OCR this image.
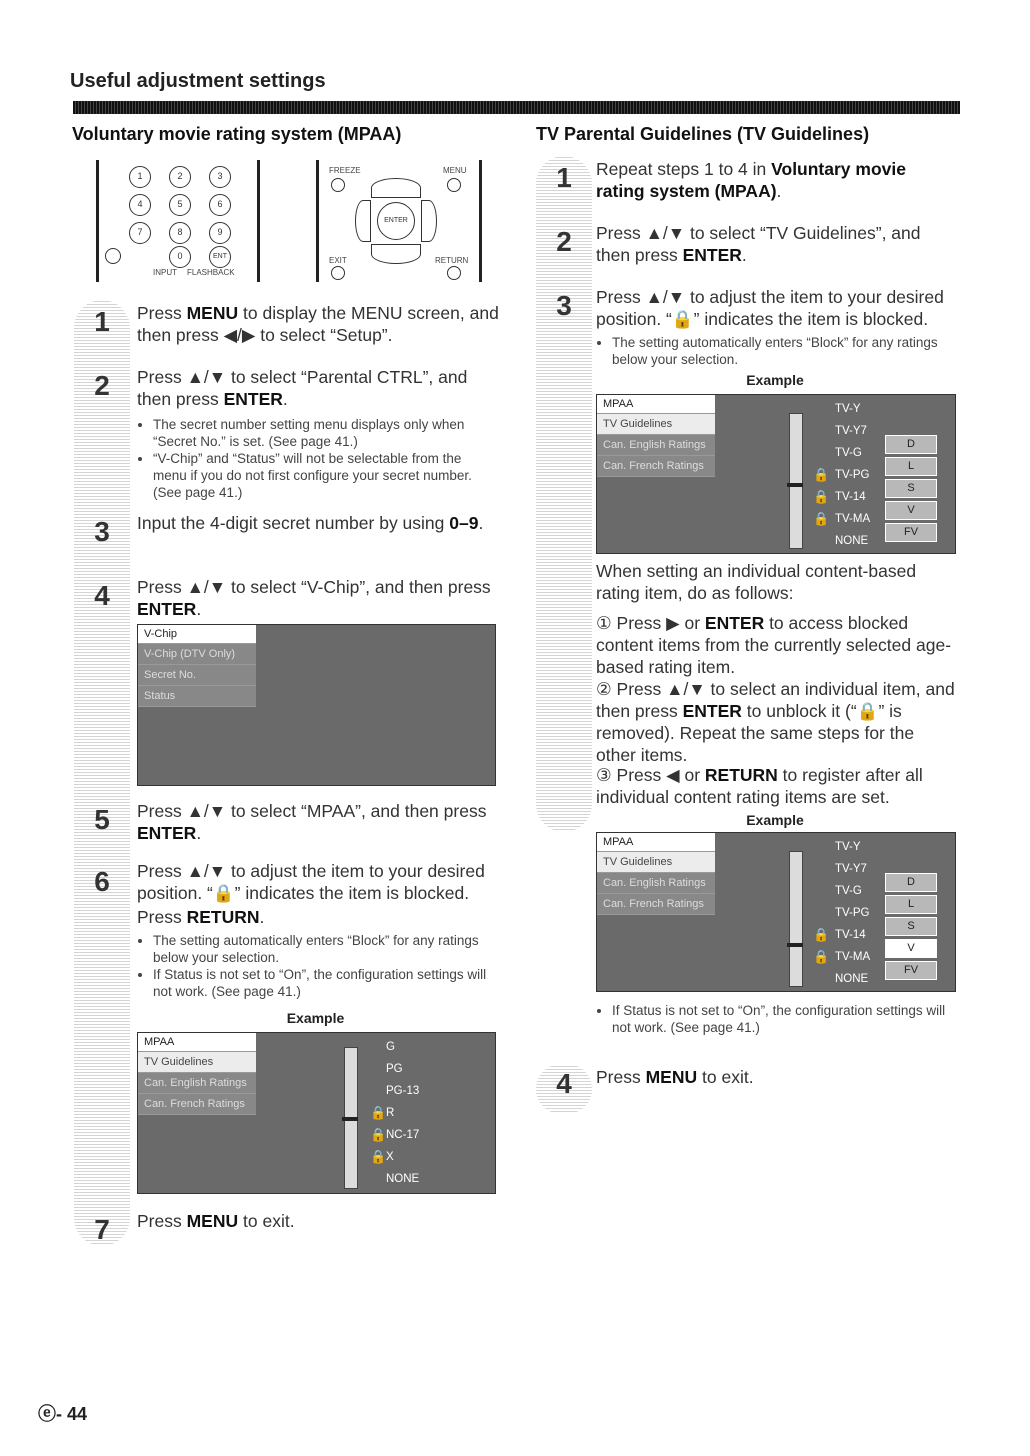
Useful adjustment settings
Voluntary movie rating system (MPAA)
1	2	3
4	5	6
7	8	9
0	ENT
INPUT FLASHBACK
FREEZE	MENU
ENTER
EXIT	RETURN
1	Press MENU to display the MENU screen, and then press ◀/▶ to select “Setup”.
2	Press ▲/▼ to select “Parental CTRL”, and then press ENTER.
• The secret number setting menu displays only when “Secret No.” is set. (See page 41.)
• “V-Chip” and “Status” will not be selectable from the menu if you do not first configure your secret number. (See page 41.)
3	Input the 4-digit secret number by using 0–9.
4	Press ▲/▼ to select “V-Chip”, and then press ENTER.
V-Chip
V-Chip (DTV Only)
Secret No.
Status
5	Press ▲/▼ to select “MPAA”, and then press ENTER.
6	Press ▲/▼ to adjust the item to your desired position. “🔒” indicates the item is blocked.
Press RETURN.
• The setting automatically enters “Block” for any ratings below your selection.
• If Status is not set to “On”, the configuration settings will not work. (See page 41.)
Example
MPAA
TV Guidelines
Can. English Ratings
Can. French Ratings
G
PG
PG-13
R
NC-17
X
NONE
🔒
🔒
🔒
7	Press MENU to exit.
TV Parental Guidelines (TV Guidelines)
1	Repeat steps 1 to 4 in Voluntary movie rating system (MPAA).
2	Press ▲/▼ to select “TV Guidelines”, and then press ENTER.
3	Press ▲/▼ to adjust the item to your desired position. “🔒” indicates the item is blocked.
• The setting automatically enters “Block” for any ratings below your selection.
Example
MPAA
TV Guidelines
Can. English Ratings
Can. French Ratings
TV-Y
TV-Y7
TV-G
TV-PG
TV-14
TV-MA
NONE
🔒
🔒
🔒
D
L
S
V
FV
When setting an individual content-based rating item, do as follows:
① Press ▶ or ENTER to access blocked content items from the currently selected age-based rating item.
② Press ▲/▼ to select an individual item, and then press ENTER to unblock it (“🔒” is removed). Repeat the same steps for the other items.
③ Press ◀ or RETURN to register after all individual content rating items are set.
Example
MPAA
TV Guidelines
Can. English Ratings
Can. French Ratings
TV-Y
TV-Y7
TV-G
TV-PG
TV-14
TV-MA
NONE
🔒
🔒
D
L
S
V
FV
• If Status is not set to “On”, the configuration settings will not work. (See page 41.)
4	Press MENU to exit.
ⓔ- 44
